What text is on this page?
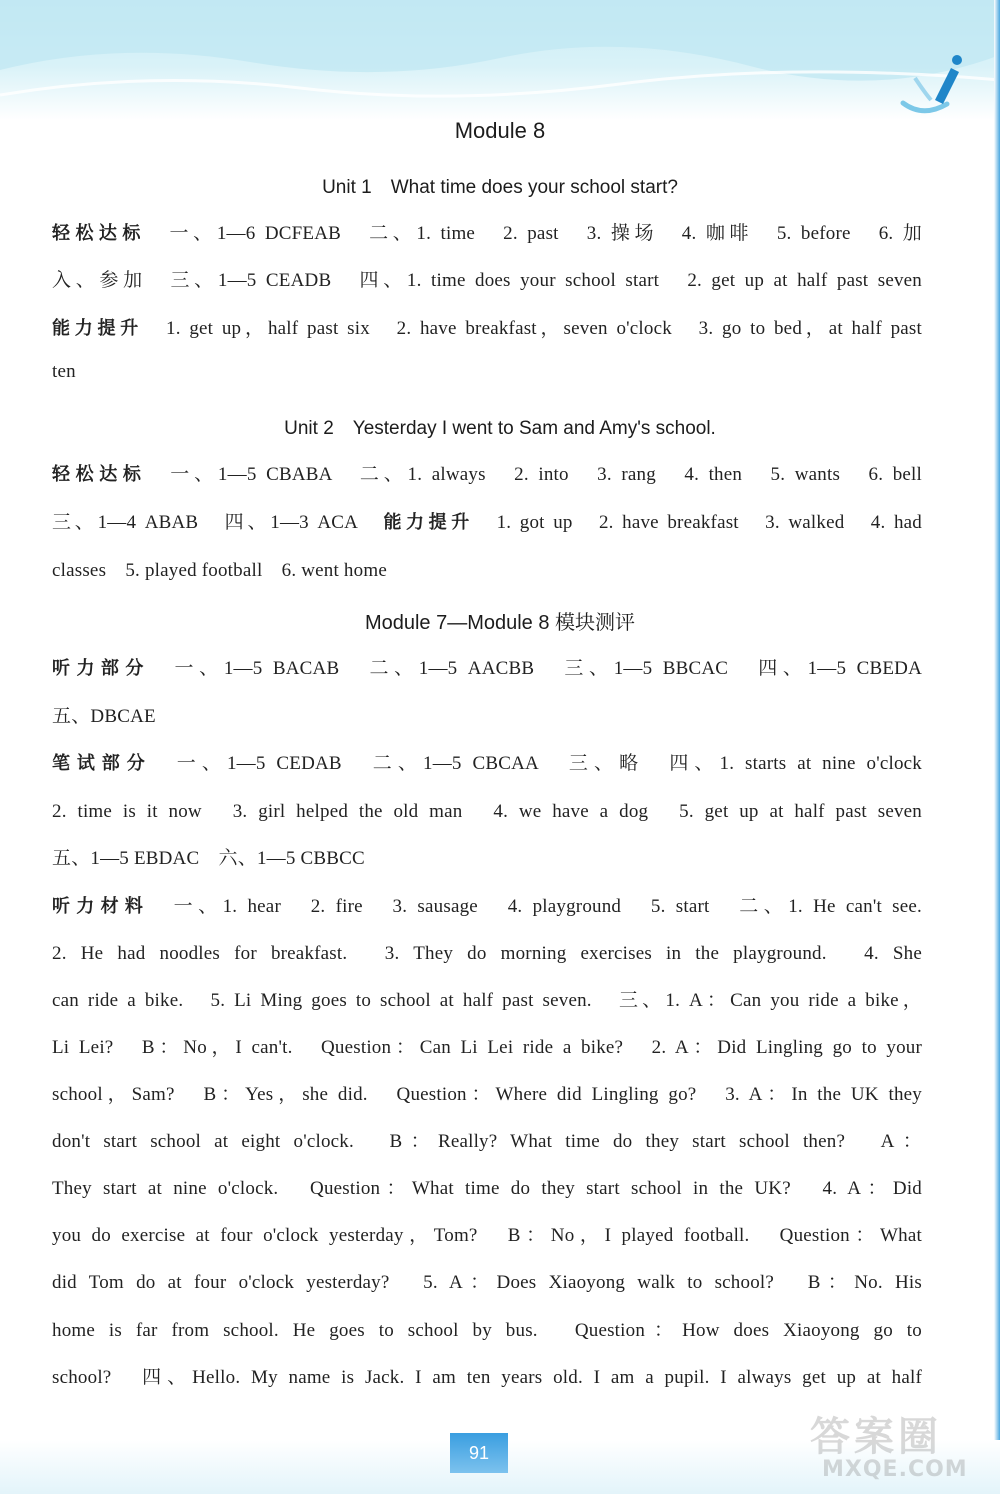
Module 8
Unit 1　What time does your school start?
轻松达标　一、1—6 DCFEAB　二、1. time　2. past　3. 操场　4. 咖啡　5. before　6. 加
入、参加　三、1—5 CEADB　四、1. time does your school start　2. get up at half past seven
能力提升　1. get up，half past six　2. have breakfast，seven o'clock　3. go to bed，at half past
ten
Unit 2　Yesterday I went to Sam and Amy's school.
轻松达标　一、1—5 CBABA　二、1. always　2. into　3. rang　4. then　5. wants　6. bell
三、1—4 ABAB　四、1—3 ACA　能力提升　1. got up　2. have breakfast　3. walked　4. had
classes　5. played football　6. went home
Module 7—Module 8 模块测评
听力部分　一、1—5 BACAB　二、1—5 AACBB　三、1—5 BBCAC　四、1—5 CBEDA
五、DBCAE
笔试部分　一、1—5 CEDAB　二、1—5 CBCAA　三、略　四、1. starts at nine o'clock
2. time is it now　3. girl helped the old man　4. we have a dog　5. get up at half past seven
五、1—5 EBDAC　六、1—5 CBBCC
听力材料　一、1. hear　2. fire　3. sausage　4. playground　5. start　二、1. He can't see.
2. He had noodles for breakfast.　3. They do morning exercises in the playground.　4. She
can ride a bike.　5. Li Ming goes to school at half past seven.　三、1. A：Can you ride a bike，
Li Lei?　B：No，I can't.　Question：Can Li Lei ride a bike?　2. A：Did Lingling go to your
school，Sam?　B：Yes，she did.　Question：Where did Lingling go?　3. A：In the UK they
don't start school at eight o'clock.　B：Really? What time do they start school then?　A：
They start at nine o'clock.　Question：What time do they start school in the UK?　4. A：Did
you do exercise at four o'clock yesterday，Tom?　B：No，I played football.　Question：What
did Tom do at four o'clock yesterday?　5. A：Does Xiaoyong walk to school?　B：No. His
home is far from school. He goes to school by bus.　Question：How does Xiaoyong go to
school?　四、Hello. My name is Jack. I am ten years old. I am a pupil. I always get up at half
91	答案圈
MXQE.COM
